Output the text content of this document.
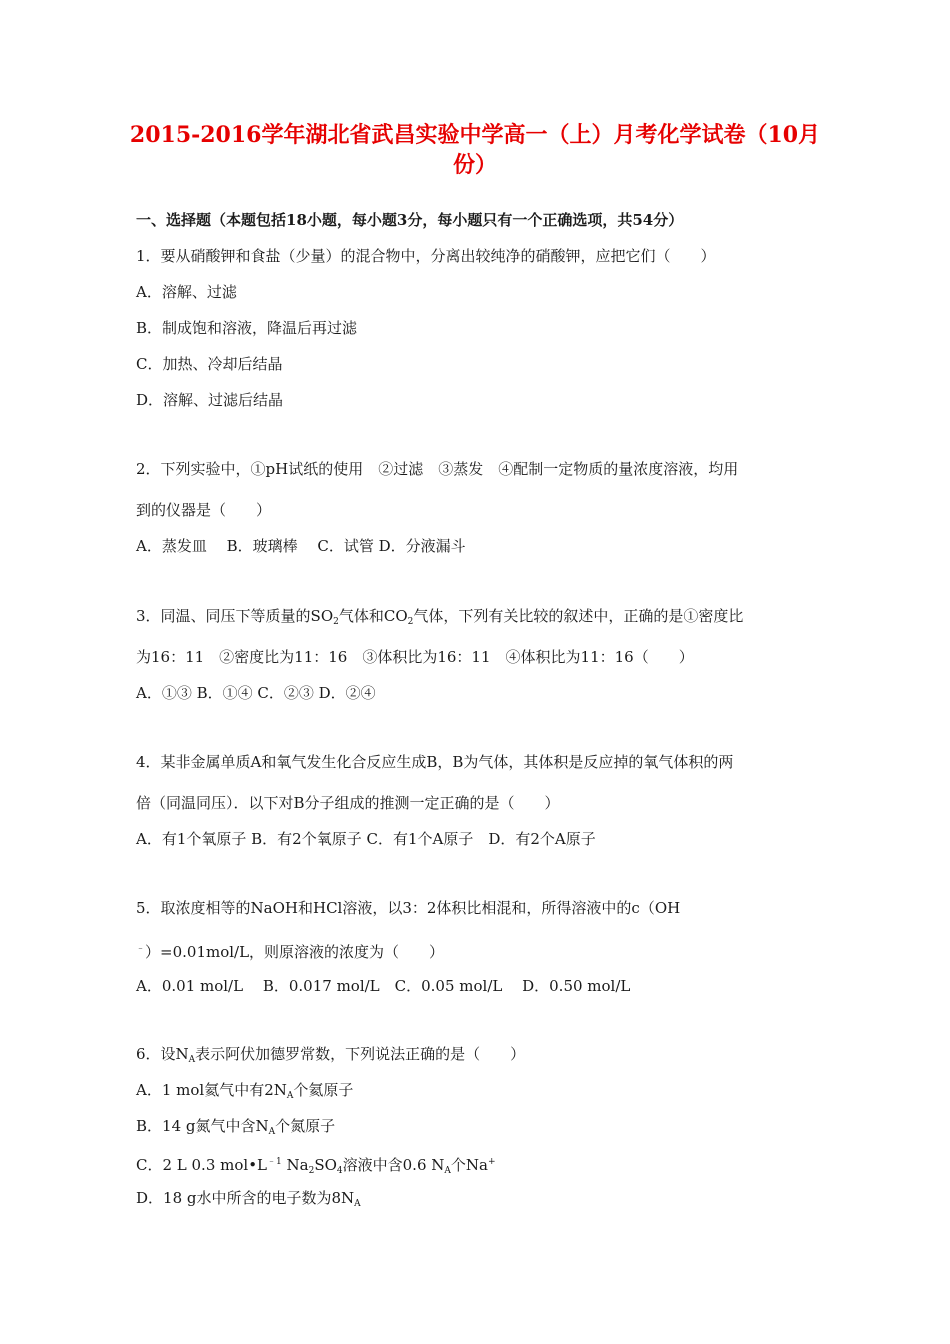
2015-2016学年湖北省武昌实验中学高一（上）月考化学试卷（10月
份）
一、选择题（本题包括18小题，每小题3分，每小题只有一个正确选项，共54分）
1．要从硝酸钾和食盐（少量）的混合物中，分离出较纯净的硝酸钾，应把它们（　　）
A．溶解、过滤
B．制成饱和溶液，降温后再过滤
C．加热、冷却后结晶
D．溶解、过滤后结晶
2．下列实验中，①pH试纸的使用　②过滤　③蒸发　④配制一定物质的量浓度溶液，均用
到的仪器是（　　）
A．蒸发皿　 B．玻璃棒　 C．试管 D．分液漏斗
3．同温、同压下等质量的$SO_2$气体和$CO_2$气体，下列有关比较的叙述中，正确的是①密度比
为16：11　②密度比为11：16　③体积比为16：11　④体积比为11：16（　　）
A．①③ B．①④ C．②③ D．②④
4．某非金属单质A和氧气发生化合反应生成B，B为气体，其体积是反应掉的氧气体积的两
倍（同温同压）．以下对B分子组成的推测一定正确的是（　　）
A．有1个氧原子 B．有2个氧原子 C．有1个A原子　D．有2个A原子
5．取浓度相等的NaOH和HCl溶液，以3：2体积比相混和，所得溶液中的c（OH
﹣）=0.01mol/L，则原溶液的浓度为（　　）
A．0.01 mol/L　 B．0.017 mol/L　C．0.05 mol/L　 D．0.50 mol/L
6．设$N_A$表示阿伏加德罗常数，下列说法正确的是（　　）
A．1 mol氦气中有$2N_A$个氦原子
B．14 g氮气中含$N_A$个氮原子
C．2 L 0.3 $mol•L^{﹣1}$ $Na_2SO_4$溶液中含0.6 $N_A$个Na+
D．18 g水中所含的电子数为$8N_A$
